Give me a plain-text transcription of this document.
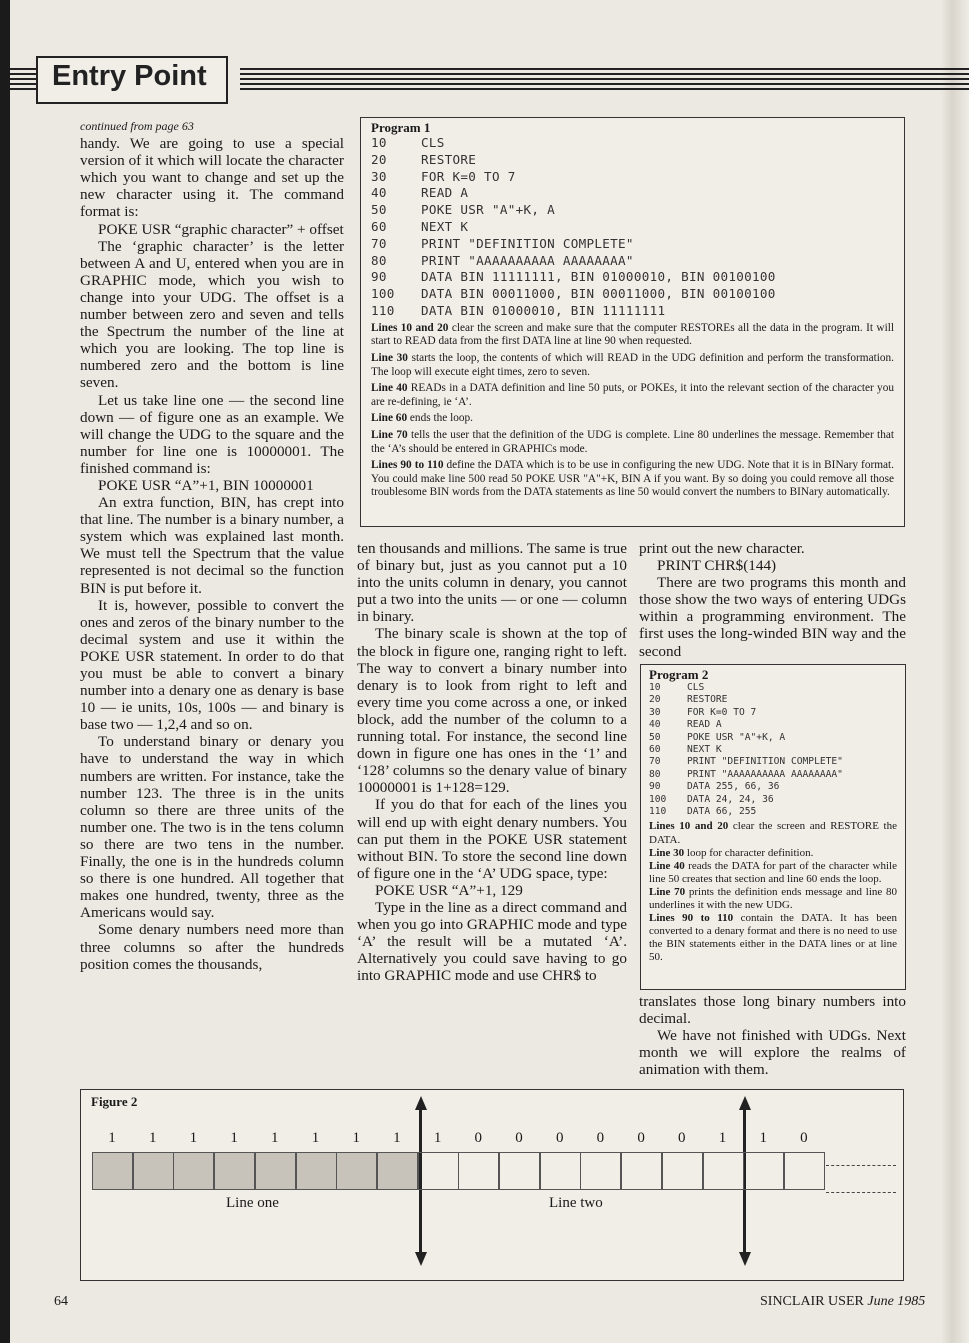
Entry Point

continued from page 63

handy. We are going to use a special version of it which will locate the character which you want to change and set up the new character using it. The command format is:

POKE USR “graphic character” + offset

The ‘graphic character’ is the letter between A and U, entered when you are in GRAPHIC mode, which you wish to change into your UDG. The offset is a number between zero and seven and tells the Spectrum the number of the line at which you are looking. The top line is numbered zero and the bottom is line seven.

Let us take line one — the second line down — of figure one as an example. We will change the UDG to the square and the number for line one is 10000001. The finished command is:

POKE USR “A”+1, BIN 10000001

An extra function, BIN, has crept into that line. The number is a binary number, a system which was explained last month. We must tell the Spectrum that the value represented is not decimal so the function BIN is put before it.

It is, however, possible to convert the ones and zeros of the binary number to the decimal system and use it within the POKE USR statement. In order to do that you must be able to convert a binary number into a denary one as denary is base 10 — ie units, 10s, 100s — and binary is base two — 1,2,4 and so on.

To understand binary or denary you have to understand the way in which numbers are written. For instance, take the number 123. The three is in the units column so there are three units of the number one. The two is in the tens column so there are two tens in the number. Finally, the one is in the hundreds column so there is one hundred. All together that makes one hundred, twenty, three as the Americans would say.

Some denary numbers need more than three columns so after the hundreds position comes the thousands,

Program 1
10	CLS
20	RESTORE
30	FOR K=0 TO 7
40	READ A
50	POKE USR "A"+K, A
60	NEXT K
70	PRINT "DEFINITION COMPLETE"
80	PRINT "AAAAAAAAAA AAAAAAAA"
90	DATA BIN 11111111, BIN 01000010, BIN 00100100
100 DATA BIN 00011000, BIN 00011000, BIN 00100100
110 DATA BIN 01000010, BIN 11111111

Lines 10 and 20 clear the screen and make sure that the computer RESTOREs all the data in the program. It will start to READ data from the first DATA line at line 90 when requested.

Line 30 starts the loop, the contents of which will READ in the UDG definition and perform the transformation. The loop will execute eight times, zero to seven.

Line 40 READs in a DATA definition and line 50 puts, or POKEs, it into the relevant section of the character you are re-defining, ie ‘A’.

Line 60 ends the loop.

Line 70 tells the user that the definition of the UDG is complete. Line 80 underlines the message. Remember that the ‘A’s should be entered in GRAPHICs mode.

Lines 90 to 110 define the DATA which is to be use in configuring the new UDG. Note that it is in BINary format. You could make line 500 read 50 POKE USR "A"+K, BIN A if you want. By so doing you could remove all those troublesome BIN words from the DATA statements as line 50 would convert the numbers to BINary automatically.

ten thousands and millions. The same is true of binary but, just as you cannot put a 10 into the units column in denary, you cannot put a two into the units — or one — column in binary.

The binary scale is shown at the top of the block in figure one, ranging right to left. The way to convert a binary number into denary is to look from right to left and every time you come across a one, or inked block, add the number of the column to a running total. For instance, the second line down in figure one has ones in the ‘1’ and ‘128’ columns so the denary value of binary 10000001 is 1+128=129.

If you do that for each of the lines you will end up with eight denary numbers. You can put them in the POKE USR statement without BIN. To store the second line down of figure one in the ‘A’ UDG space, type:

POKE USR “A”+1, 129

Type in the line as a direct command and when you go into GRAPHIC mode and type ‘A’ the result will be a mutated ‘A’. Alternatively you could save having to go into GRAPHIC mode and use CHR$ to

print out the new character.

PRINT CHR$(144)

There are two programs this month and those show the two ways of entering UDGs within a programming environment. The first uses the long-winded BIN way and the second

Program 2
10	CLS
20	RESTORE
30	FOR K=0 TO 7
40	READ A
50	POKE USR "A"+K, A
60	NEXT K
70	PRINT "DEFINITION COMPLETE"
80	PRINT "AAAAAAAAAA AAAAAAAA"
90	DATA 255, 66, 36
100 DATA 24, 24, 36
110 DATA 66, 255

Lines 10 and 20 clear the screen and RESTORE the DATA.

Line 30 loop for character definition.

Line 40 reads the DATA for part of the character while line 50 creates that section and line 60 ends the loop.

Line 70 prints the definition ends message and line 80 underlines it with the new UDG.

Lines 90 to 110 contain the DATA. It has been converted to a denary format and there is no need to use the BIN statements either in the DATA lines or at line 50.

translates those long binary numbers into decimal.

We have not finished with UDGs. Next month we will explore the realms of animation with them.

Figure 2
Line one	Line two
1	1	1	1	1	1	1	1	1	0	0	0	0	0	0	1	1	0
64	SINCLAIR USER June 1985
